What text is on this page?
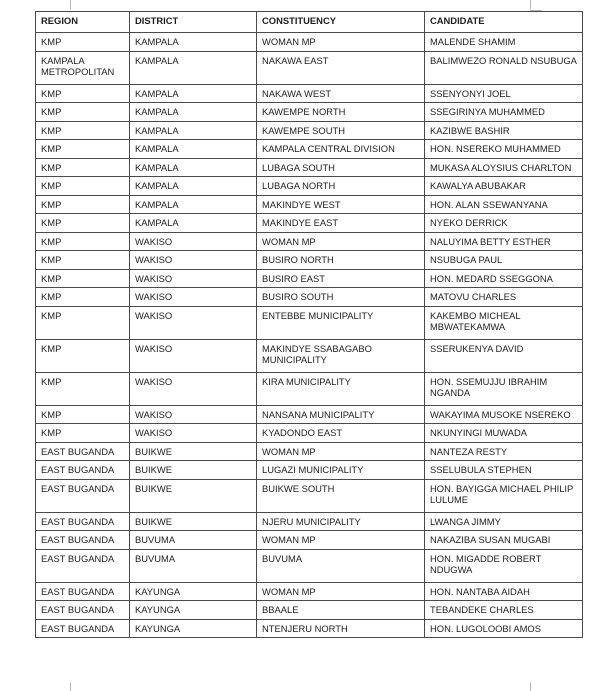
REGION	DISTRICT	CONSTITUENCY	CANDIDATE
KMP	KAMPALA	WOMAN MP	MALENDE SHAMIM
KAMPALA METROPOLITAN	KAMPALA	NAKAWA EAST	BALIMWEZO RONALD NSUBUGA
KMP	KAMPALA	NAKAWA WEST	SSENYONYI JOEL
KMP	KAMPALA	KAWEMPE NORTH	SSEGIRINYA MUHAMMED
KMP	KAMPALA	KAWEMPE SOUTH	KAZIBWE BASHIR
KMP	KAMPALA	KAMPALA CENTRAL DIVISION	HON. NSEREKO MUHAMMED
KMP	KAMPALA	LUBAGA SOUTH	MUKASA ALOYSIUS CHARLTON
KMP	KAMPALA	LUBAGA NORTH	KAWALYA ABUBAKAR
KMP	KAMPALA	MAKINDYE WEST	HON. ALAN SSEWANYANA
KMP	KAMPALA	MAKINDYE EAST	NYEKO DERRICK
KMP	WAKISO	WOMAN MP	NALUYIMA BETTY ESTHER
KMP	WAKISO	BUSIRO NORTH	NSUBUGA PAUL
KMP	WAKISO	BUSIRO EAST	HON. MEDARD SSEGGONA
KMP	WAKISO	BUSIRO SOUTH	MATOVU CHARLES
KMP	WAKISO	ENTEBBE MUNICIPALITY	KAKEMBO MICHEAL MBWATEKAMWA
KMP	WAKISO	MAKINDYE SSABAGABO MUNICIPALITY	SSERUKENYA DAVID
KMP	WAKISO	KIRA MUNICIPALITY	HON. SSEMUJJU IBRAHIM NGANDA
KMP	WAKISO	NANSANA MUNICIPALITY	WAKAYIMA MUSOKE NSEREKO
KMP	WAKISO	KYADONDO EAST	NKUNYINGI MUWADA
EAST BUGANDA	BUIKWE	WOMAN MP	NANTEZA RESTY
EAST BUGANDA	BUIKWE	LUGAZI MUNICIPALITY	SSELUBULA STEPHEN
EAST BUGANDA	BUIKWE	BUIKWE SOUTH	HON. BAYIGGA MICHAEL PHILIP LULUME
EAST BUGANDA	BUIKWE	NJERU MUNICIPALITY	LWANGA JIMMY
EAST BUGANDA	BUVUMA	WOMAN MP	NAKAZIBA SUSAN MUGABI
EAST BUGANDA	BUVUMA	BUVUMA	HON. MIGADDE ROBERT NDUGWA
EAST BUGANDA	KAYUNGA	WOMAN MP	HON. NANTABA AIDAH
EAST BUGANDA	KAYUNGA	BBAALE	TEBANDEKE CHARLES
EAST BUGANDA	KAYUNGA	NTENJERU NORTH	HON. LUGOLOOBI AMOS
